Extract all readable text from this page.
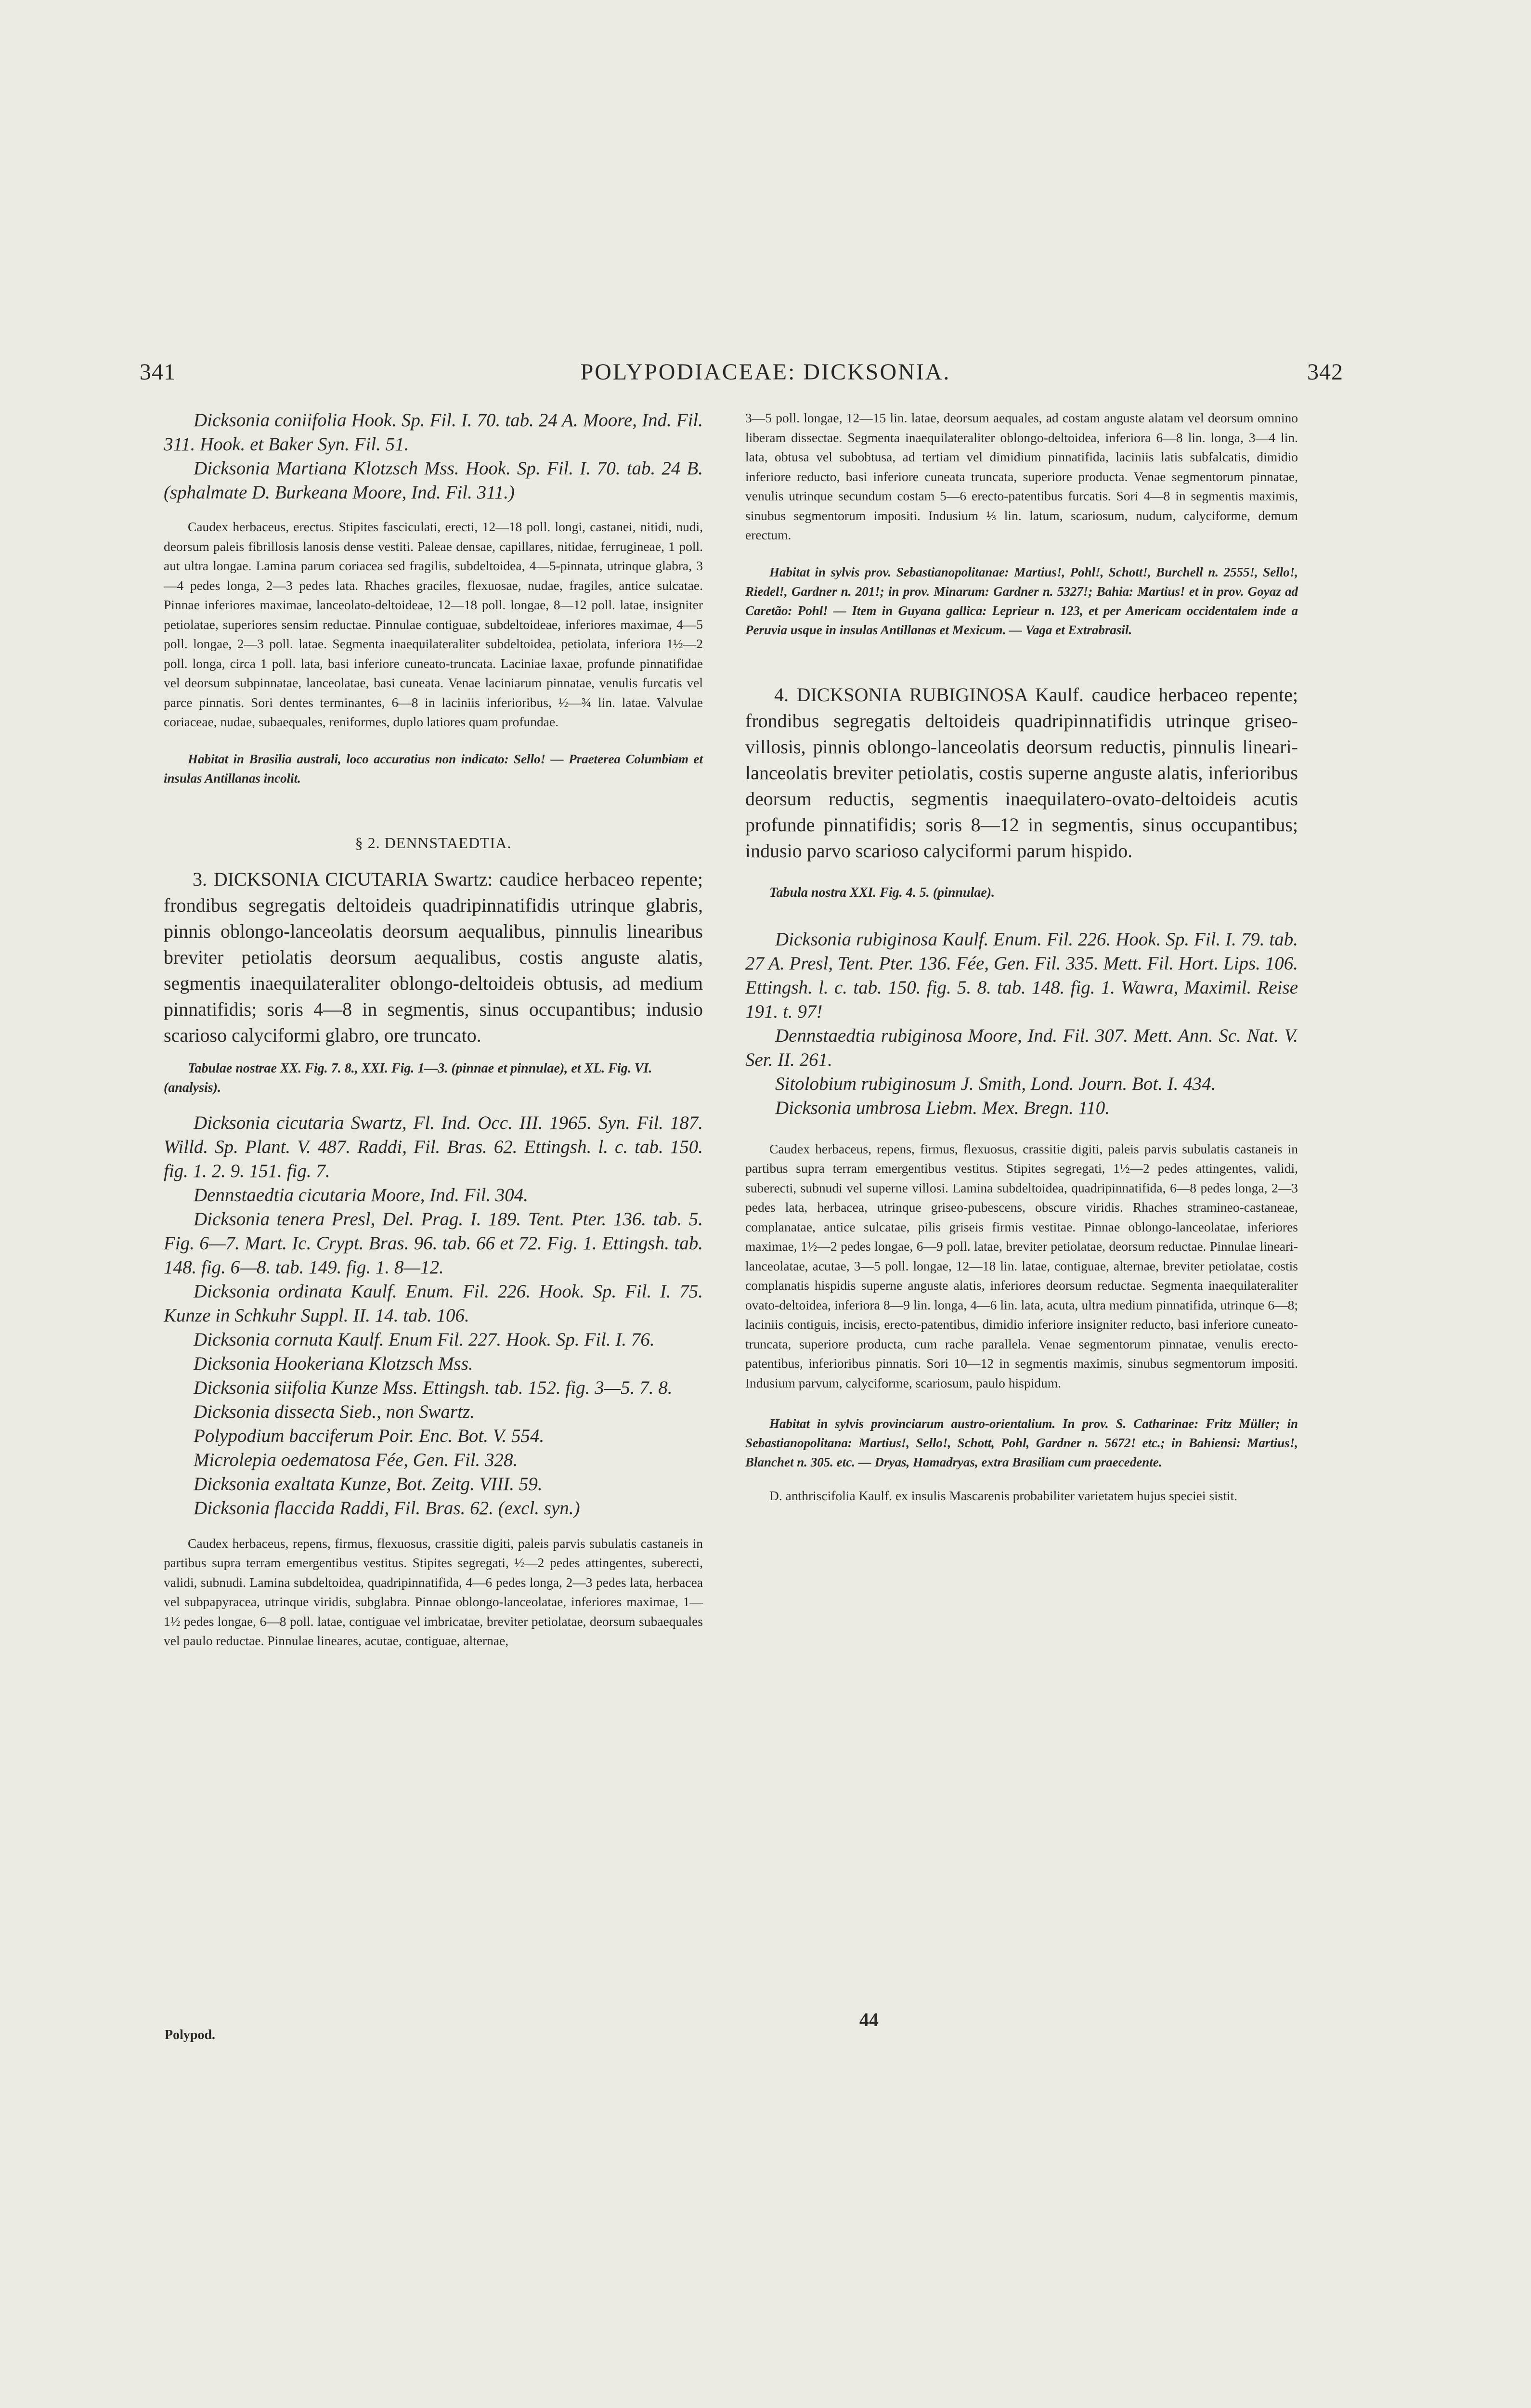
341	POLYPODIACEAE: DICKSONIA.	342

Dicksonia coniifolia Hook. Sp. Fil. I. 70. tab. 24 A. Moore, Ind. Fil. 311. Hook. et Baker Syn. Fil. 51.

Dicksonia Martiana Klotzsch Mss. Hook. Sp. Fil. I. 70. tab. 24 B. (sphalmate D. Burkeana Moore, Ind. Fil. 311.)

Caudex herbaceus, erectus. Stipites fasciculati, erecti, 12—18 poll. longi, castanei, nitidi, nudi, deorsum paleis fibrillosis lanosis dense vestiti. Paleae densae, capillares, nitidae, ferrugineae, 1 poll. aut ultra longae. Lamina parum coriacea sed fragilis, subdeltoidea, 4—5-pinnata, utrinque glabra, 3—4 pedes longa, 2—3 pedes lata. Rhaches graciles, flexuosae, nudae, fragiles, antice sulcatae. Pinnae inferiores maximae, lanceolato-deltoideae, 12—18 poll. longae, 8—12 poll. latae, insigniter petiolatae, superiores sensim reductae. Pinnulae contiguae, subdeltoideae, inferiores maximae, 4—5 poll. longae, 2—3 poll. latae. Segmenta inaequilateraliter subdeltoidea, petiolata, inferiora 1½—2 poll. longa, circa 1 poll. lata, basi inferiore cuneato-truncata. Laciniae laxae, profunde pinnatifidae vel deorsum subpinnatae, lanceolatae, basi cuneata. Venae laciniarum pinnatae, venulis furcatis vel parce pinnatis. Sori dentes terminantes, 6—8 in laciniis inferioribus, ½—¾ lin. latae. Valvulae coriaceae, nudae, subaequales, reniformes, duplo latiores quam profundae.

Habitat in Brasilia australi, loco accuratius non indicato: Sello! — Praeterea Columbiam et insulas Antillanas incolit.

§ 2. DENNSTAEDTIA.

3. DICKSONIA CICUTARIA Swartz: caudice herbaceo repente; frondibus segregatis deltoideis quadripinnatifidis utrinque glabris, pinnis oblongo-lanceolatis deorsum aequalibus, pinnulis linearibus breviter petiolatis deorsum aequalibus, costis anguste alatis, segmentis inaequilateraliter oblongo-deltoideis obtusis, ad medium pinnatifidis; soris 4—8 in segmentis, sinus occupantibus; indusio scarioso calyciformi glabro, ore truncato.

Tabulae nostrae XX. Fig. 7. 8., XXI. Fig. 1—3. (pinnae et pinnulae), et XL. Fig. VI. (analysis).

Dicksonia cicutaria Swartz, Fl. Ind. Occ. III. 1965. Syn. Fil. 187. Willd. Sp. Plant. V. 487. Raddi, Fil. Bras. 62. Ettingsh. l. c. tab. 150. fig. 1. 2. 9. 151. fig. 7.

Dennstaedtia cicutaria Moore, Ind. Fil. 304.

Dicksonia tenera Presl, Del. Prag. I. 189. Tent. Pter. 136. tab. 5. Fig. 6—7. Mart. Ic. Crypt. Bras. 96. tab. 66 et 72. Fig. 1. Ettingsh. tab. 148. fig. 6—8. tab. 149. fig. 1. 8—12.

Dicksonia ordinata Kaulf. Enum. Fil. 226. Hook. Sp. Fil. I. 75. Kunze in Schkuhr Suppl. II. 14. tab. 106.

Dicksonia cornuta Kaulf. Enum Fil. 227. Hook. Sp. Fil. I. 76.

Dicksonia Hookeriana Klotzsch Mss.

Dicksonia siifolia Kunze Mss. Ettingsh. tab. 152. fig. 3—5. 7. 8.

Dicksonia dissecta Sieb., non Swartz.

Polypodium bacciferum Poir. Enc. Bot. V. 554.

Microlepia oedematosa Fée, Gen. Fil. 328.

Dicksonia exaltata Kunze, Bot. Zeitg. VIII. 59.

Dicksonia flaccida Raddi, Fil. Bras. 62. (excl. syn.)

Caudex herbaceus, repens, firmus, flexuosus, crassitie digiti, paleis parvis subulatis castaneis in partibus supra terram emergentibus vestitus. Stipites segregati, ½—2 pedes attingentes, suberecti, validi, subnudi. Lamina subdeltoidea, quadripinnatifida, 4—6 pedes longa, 2—3 pedes lata, herbacea vel subpapyracea, utrinque viridis, subglabra. Pinnae oblongo-lanceolatae, inferiores maximae, 1—1½ pedes longae, 6—8 poll. latae, contiguae vel imbricatae, breviter petiolatae, deorsum subaequales vel paulo reductae. Pinnulae lineares, acutae, contiguae, alternae,

Polypod.

3—5 poll. longae, 12—15 lin. latae, deorsum aequales, ad costam anguste alatam vel deorsum omnino liberam dissectae. Segmenta inaequilateraliter oblongo-deltoidea, inferiora 6—8 lin. longa, 3—4 lin. lata, obtusa vel subobtusa, ad tertiam vel dimidium pinnatifida, laciniis latis subfalcatis, dimidio inferiore reducto, basi inferiore cuneata truncata, superiore producta. Venae segmentorum pinnatae, venulis utrinque secundum costam 5—6 erecto-patentibus furcatis. Sori 4—8 in segmentis maximis, sinubus segmentorum impositi. Indusium ⅓ lin. latum, scariosum, nudum, calyciforme, demum erectum.

Habitat in sylvis prov. Sebastianopolitanae: Martius!, Pohl!, Schott!, Burchell n. 2555!, Sello!, Riedel!, Gardner n. 201!; in prov. Minarum: Gardner n. 5327!; Bahia: Martius! et in prov. Goyaz ad Caretão: Pohl! — Item in Guyana gallica: Leprieur n. 123, et per Americam occidentalem inde a Peruvia usque in insulas Antillanas et Mexicum. — Vaga et Extrabrasil.

4. DICKSONIA RUBIGINOSA Kaulf. caudice herbaceo repente; frondibus segregatis deltoideis quadripinnatifidis utrinque griseo-villosis, pinnis oblongo-lanceolatis deorsum reductis, pinnulis lineari-lanceolatis breviter petiolatis, costis superne anguste alatis, inferioribus deorsum reductis, segmentis inaequilatero-ovato-deltoideis acutis profunde pinnatifidis; soris 8—12 in segmentis, sinus occupantibus; indusio parvo scarioso calyciformi parum hispido.

Tabula nostra XXI. Fig. 4. 5. (pinnulae).

Dicksonia rubiginosa Kaulf. Enum. Fil. 226. Hook. Sp. Fil. I. 79. tab. 27 A. Presl, Tent. Pter. 136. Fée, Gen. Fil. 335. Mett. Fil. Hort. Lips. 106. Ettingsh. l. c. tab. 150. fig. 5. 8. tab. 148. fig. 1. Wawra, Maximil. Reise 191. t. 97!

Dennstaedtia rubiginosa Moore, Ind. Fil. 307. Mett. Ann. Sc. Nat. V. Ser. II. 261.

Sitolobium rubiginosum J. Smith, Lond. Journ. Bot. I. 434.

Dicksonia umbrosa Liebm. Mex. Bregn. 110.

Caudex herbaceus, repens, firmus, flexuosus, crassitie digiti, paleis parvis subulatis castaneis in partibus supra terram emergentibus vestitus. Stipites segregati, 1½—2 pedes attingentes, validi, suberecti, subnudi vel superne villosi. Lamina subdeltoidea, quadripinnatifida, 6—8 pedes longa, 2—3 pedes lata, herbacea, utrinque griseo-pubescens, obscure viridis. Rhaches stramineo-castaneae, complanatae, antice sulcatae, pilis griseis firmis vestitae. Pinnae oblongo-lanceolatae, inferiores maximae, 1½—2 pedes longae, 6—9 poll. latae, breviter petiolatae, deorsum reductae. Pinnulae lineari-lanceolatae, acutae, 3—5 poll. longae, 12—18 lin. latae, contiguae, alternae, breviter petiolatae, costis complanatis hispidis superne anguste alatis, inferiores deorsum reductae. Segmenta inaequilateraliter ovato-deltoidea, inferiora 8—9 lin. longa, 4—6 lin. lata, acuta, ultra medium pinnatifida, utrinque 6—8; laciniis contiguis, incisis, erecto-patentibus, dimidio inferiore insigniter reducto, basi inferiore cuneato-truncata, superiore producta, cum rache parallela. Venae segmentorum pinnatae, venulis erecto-patentibus, inferioribus pinnatis. Sori 10—12 in segmentis maximis, sinubus segmentorum impositi. Indusium parvum, calyciforme, scariosum, paulo hispidum.

Habitat in sylvis provinciarum austro-orientalium. In prov. S. Catharinae: Fritz Müller; in Sebastianopolitana: Martius!, Sello!, Schott, Pohl, Gardner n. 5672! etc.; in Bahiensi: Martius!, Blanchet n. 305. etc. — Dryas, Hamadryas, extra Brasiliam cum praecedente.

D. anthriscifolia Kaulf. ex insulis Mascarenis probabiliter varietatem hujus speciei sistit.

44
